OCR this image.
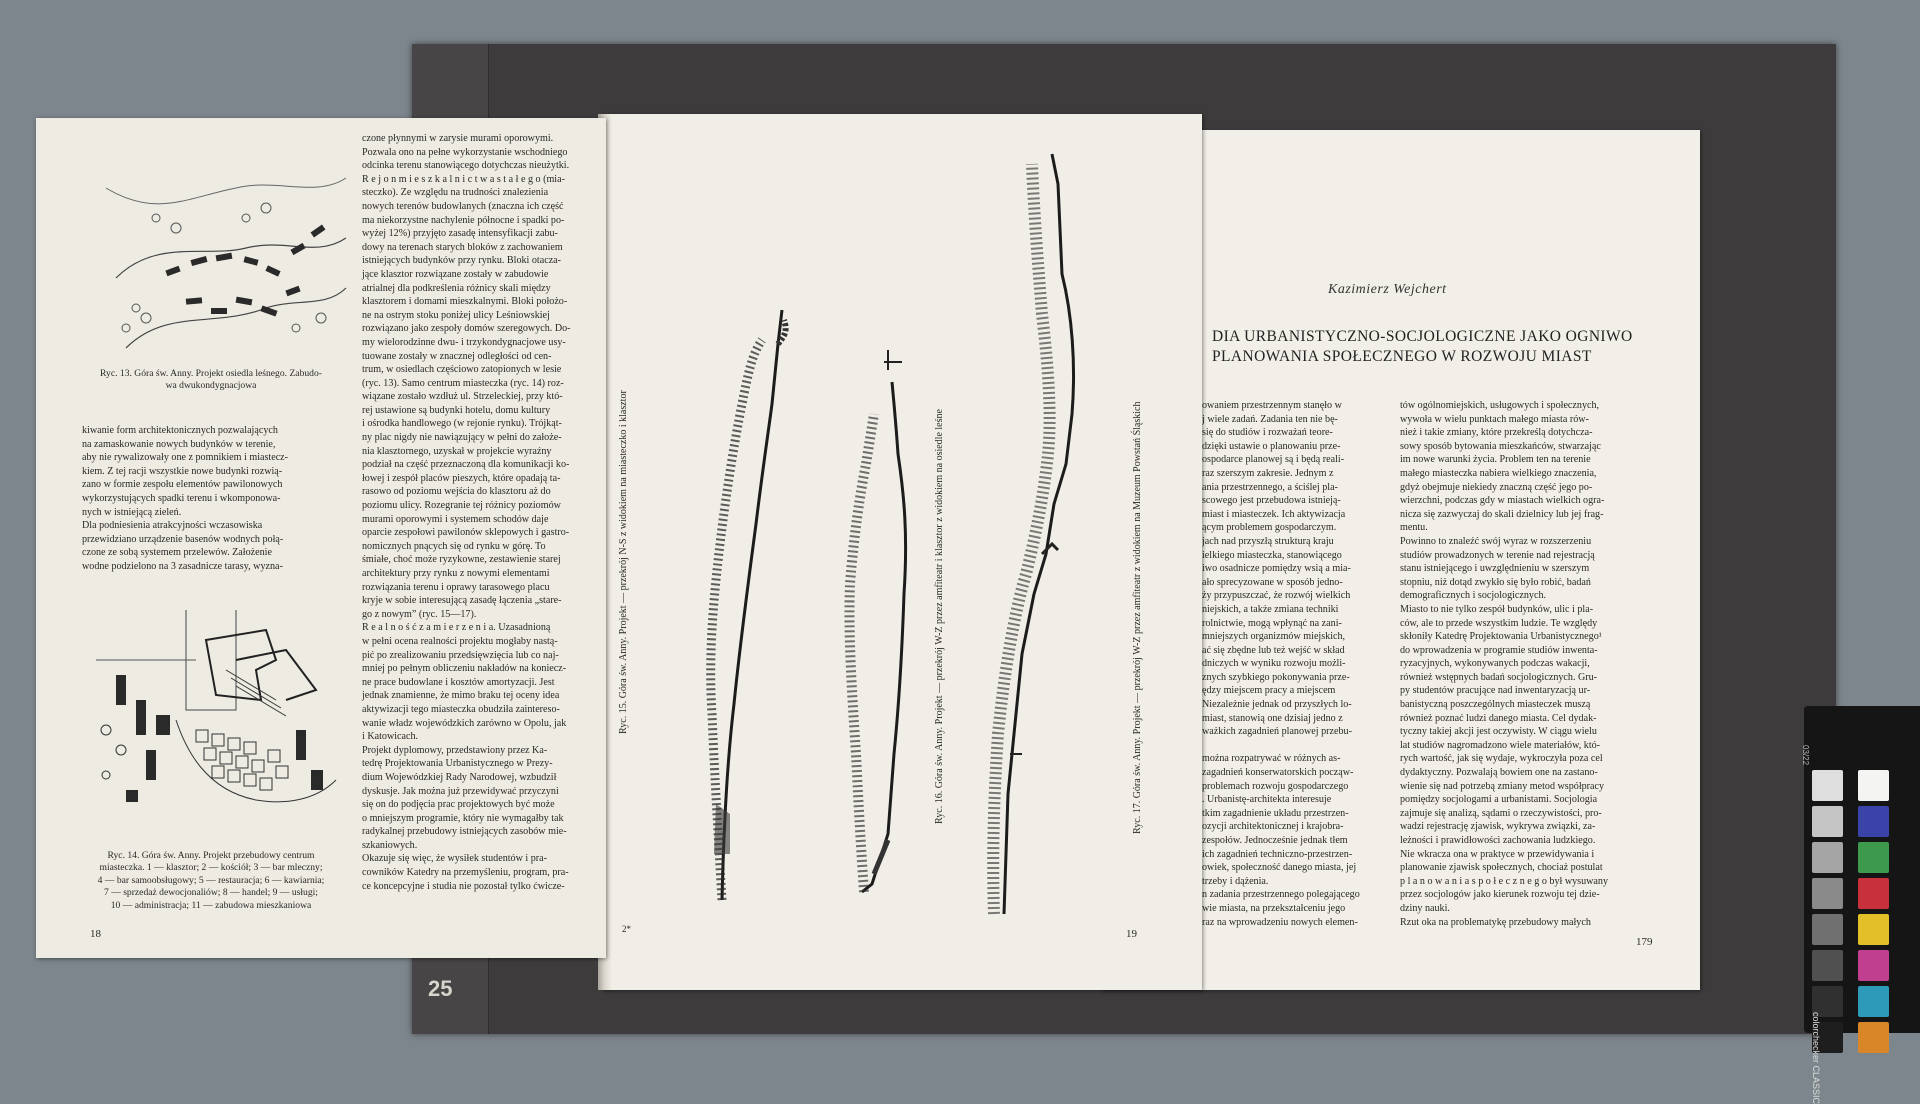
25
Kazimierz Wejchert

DIA URBANISTYCZNO-SOCJOLOGICZNE JAKO OGNIWO

PLANOWANIA SPOŁECZNEGO W ROZWOJU MIAST

owaniem przestrzennym stanęło w
j wiele zadań. Zadania ten nie bę-
się do studiów i rozważań teore-
dzięki ustawie o planowaniu prze-
ospodarce planowej są i będą reali-
raz szerszym zakresie. Jednym z
ania przestrzennego, a ściślej pla-
scowego jest przebudowa istnieją-
miast i miasteczek. Ich aktywizacja
ącym problemem gospodarczym.
jach nad przyszłą strukturą kraju
ielkiego miasteczka, stanowiącego
iwo osadnicze pomiędzy wsią a mia-
ało sprecyzowane w sposób jedno-
ży przypuszczać, że rozwój wielkich
niejskich, a także zmiana techniki
rolnictwie, mogą wpłynąć na zani-
mniejszych organizmów miejskich,
ać się zbędne lub też wejść w skład
dniczych w wyniku rozwoju możli-
znych szybkiego pokonywania prze-
ędzy miejscem pracy a miejscem
Niezależnie jednak od przyszłych lo-
miast, stanowią one dzisiaj jedno z
ważkich zagadnień planowej przebu-

można rozpatrywać w różnych as-
zagadnień konserwatorskich począw-
problemach rozwoju gospodarczego
. Urbanistę-architekta interesuje
tkim zagadnienie układu przestrzen-
ozycji architektonicznej i krajobra-
zespołów. Jednocześnie jednak tłem
ich zagadnień techniczno-przestrzen-
owiek, społeczność danego miasta, jej
trzeby i dążenia.
n zadania przestrzennego polegającego
wie miasta, na przekształceniu jego
raz na wprowadzeniu nowych elemen-

tów ogólnomiejskich, usługowych i społecznych,
wywoła w wielu punktach małego miasta rów-
nież i takie zmiany, które przekreślą dotychcza-
sowy sposób bytowania mieszkańców, stwarzając
im nowe warunki życia. Problem ten na terenie
małego miasteczka nabiera wielkiego znaczenia,
gdyż obejmuje niekiedy znaczną część jego po-
wierzchni, podczas gdy w miastach wielkich ogra-
nicza się zazwyczaj do skali dzielnicy lub jej frag-
mentu.
Powinno to znaleźć swój wyraz w rozszerzeniu
studiów prowadzonych w terenie nad rejestracją
stanu istniejącego i uwzględnieniu w szerszym
stopniu, niż dotąd zwykło się było robić, badań
demograficznych i socjologicznych.
Miasto to nie tylko zespół budynków, ulic i pla-
ców, ale to przede wszystkim ludzie. Te względy
skłoniły Katedrę Projektowania Urbanistycznego¹
do wprowadzenia w programie studiów inwenta-
ryzacyjnych, wykonywanych podczas wakacji,
również wstępnych badań socjologicznych. Gru-
py studentów pracujące nad inwentaryzacją ur-
banistyczną poszczególnych miasteczek muszą
również poznać ludzi danego miasta. Cel dydak-
tyczny takiej akcji jest oczywisty. W ciągu wielu
lat studiów nagromadzono wiele materiałów, któ-
rych wartość, jak się wydaje, wykroczyła poza cel
dydaktyczny. Pozwalają bowiem one na zastano-
wienie się nad potrzebą zmiany metod współpracy
pomiędzy socjologami a urbanistami. Socjologia
zajmuje się analizą, sądami o rzeczywistości, pro-
wadzi rejestrację zjawisk, wykrywa związki, za-
leżności i prawidłowości zachowania ludzkiego.
Nie wkracza ona w praktyce w przewidywania i
planowanie zjawisk społecznych, chociaż postulat
p l a n o w a n i a s p o ł e c z n e g o był wysuwany
przez socjologów jako kierunek rozwoju tej dzie-
dziny nauki.
Rzut oka na problematykę przebudowy małych

179
Ryc. 15. Góra św. Anny. Projekt — przekrój N-S z widokiem na miasteczko i klasztor	Ryc. 16. Góra św. Anny. Projekt — przekrój W-Z przez amfiteatr i klasztor z widokiem na osiedle leśne	Ryc. 17. Góra św. Anny. Projekt — przekrój W-Z przez amfiteatr z widokiem na Muzeum Powstań Śląskich
19
2*

Ryc. 13. Góra św. Anny. Projekt osiedla leśnego. Zabudo-
wa dwukondygnacjowa

kiwanie form architektonicznych pozwalających
na zamaskowanie nowych budynków w terenie,
aby nie rywalizowały one z pomnikiem i miastecz-
kiem. Z tej racji wszystkie nowe budynki rozwią-
zano w formie zespołu elementów pawilonowych
wykorzystujących spadki terenu i wkomponowa-
nych w istniejącą zieleń.
Dla podniesienia atrakcyjności wczasowiska
przewidziano urządzenie basenów wodnych połą-
czone ze sobą systemem przelewów. Założenie
wodne podzielono na 3 zasadnicze tarasy, wyzna-

Ryc. 14. Góra św. Anny. Projekt przebudowy centrum
miasteczka. 1 — klasztor; 2 — kościół; 3 — bar mleczny;
4 — bar samoobsługowy; 5 — restauracja; 6 — kawiarnia;
7 — sprzedaż dewocjonaliów; 8 — handel; 9 — usługi;
10 — administracja; 11 — zabudowa mieszkaniowa

czone płynnymi w zarysie murami oporowymi.
Pozwala ono na pełne wykorzystanie wschodniego
odcinka terenu stanowiącego dotychczas nieużytki.
R e j o n m i e s z k a l n i c t w a s t a ł e g o (mia-
steczko). Ze względu na trudności znalezienia
nowych terenów budowlanych (znaczna ich część
ma niekorzystne nachylenie północne i spadki po-
wyżej 12%) przyjęto zasadę intensyfikacji zabu-
dowy na terenach starych bloków z zachowaniem
istniejących budynków przy rynku. Bloki otacza-
jące klasztor rozwiązane zostały w zabudowie
atrialnej dla podkreślenia różnicy skali między
klasztorem i domami mieszkalnymi. Bloki położo-
ne na ostrym stoku poniżej ulicy Leśniowskiej
rozwiązano jako zespoły domów szeregowych. Do-
my wielorodzinne dwu- i trzykondygnacjowe usy-
tuowane zostały w znacznej odległości od cen-
trum, w osiedlach częściowo zatopionych w lesie
(ryc. 13). Samo centrum miasteczka (ryc. 14) roz-
wiązane zostało wzdłuż ul. Strzeleckiej, przy któ-
rej ustawione są budynki hotelu, domu kultury
i ośrodka handlowego (w rejonie rynku). Trójkąt-
ny plac nigdy nie nawiązujący w pełni do założe-
nia klasztornego, uzyskał w projekcie wyraźny
podział na część przeznaczoną dla komunikacji ko-
łowej i zespół placów pieszych, które opadają ta-
rasowo od poziomu wejścia do klasztoru aż do
poziomu ulicy. Rozegranie tej różnicy poziomów
murami oporowymi i systemem schodów daje
oparcie zespołowi pawilonów sklepowych i gastro-
nomicznych pnących się od rynku w górę. To
śmiałe, choć może ryzykowne, zestawienie starej
architektury przy rynku z nowymi elementami
rozwiązania terenu i oprawy tarasowego placu
kryje w sobie interesującą zasadę łączenia „stare-
go z nowym” (ryc. 15—17).
R e a l n o ś ć z a m i e r z e n i a. Uzasadnioną
w pełni ocena realności projektu mogłaby nastą-
pić po zrealizowaniu przedsięwzięcia lub co naj-
mniej po pełnym obliczeniu nakładów na koniecz-
ne prace budowlane i kosztów amortyzacji. Jest
jednak znamienne, że mimo braku tej oceny idea
aktywizacji tego miasteczka obudziła zaintereso-
wanie władz wojewódzkich zarówno w Opolu, jak
i Katowicach.
Projekt dyplomowy, przedstawiony przez Ka-
tedrę Projektowania Urbanistycznego w Prezy-
dium Wojewódzkiej Rady Narodowej, wzbudził
dyskusje. Jak można już przewidywać przyczyni
się on do podjęcia prac projektowych być może
o mniejszym programie, który nie wymagałby tak
radykalnej przebudowy istniejących zasobów mie-
szkaniowych.
Okazuje się więc, że wysiłek studentów i pra-
cowników Katedry na przemyśleniu, program, pra-
ce koncepcyjne i studia nie pozostał tylko ćwicze-

18
03/22
colorchecker CLASSIC
